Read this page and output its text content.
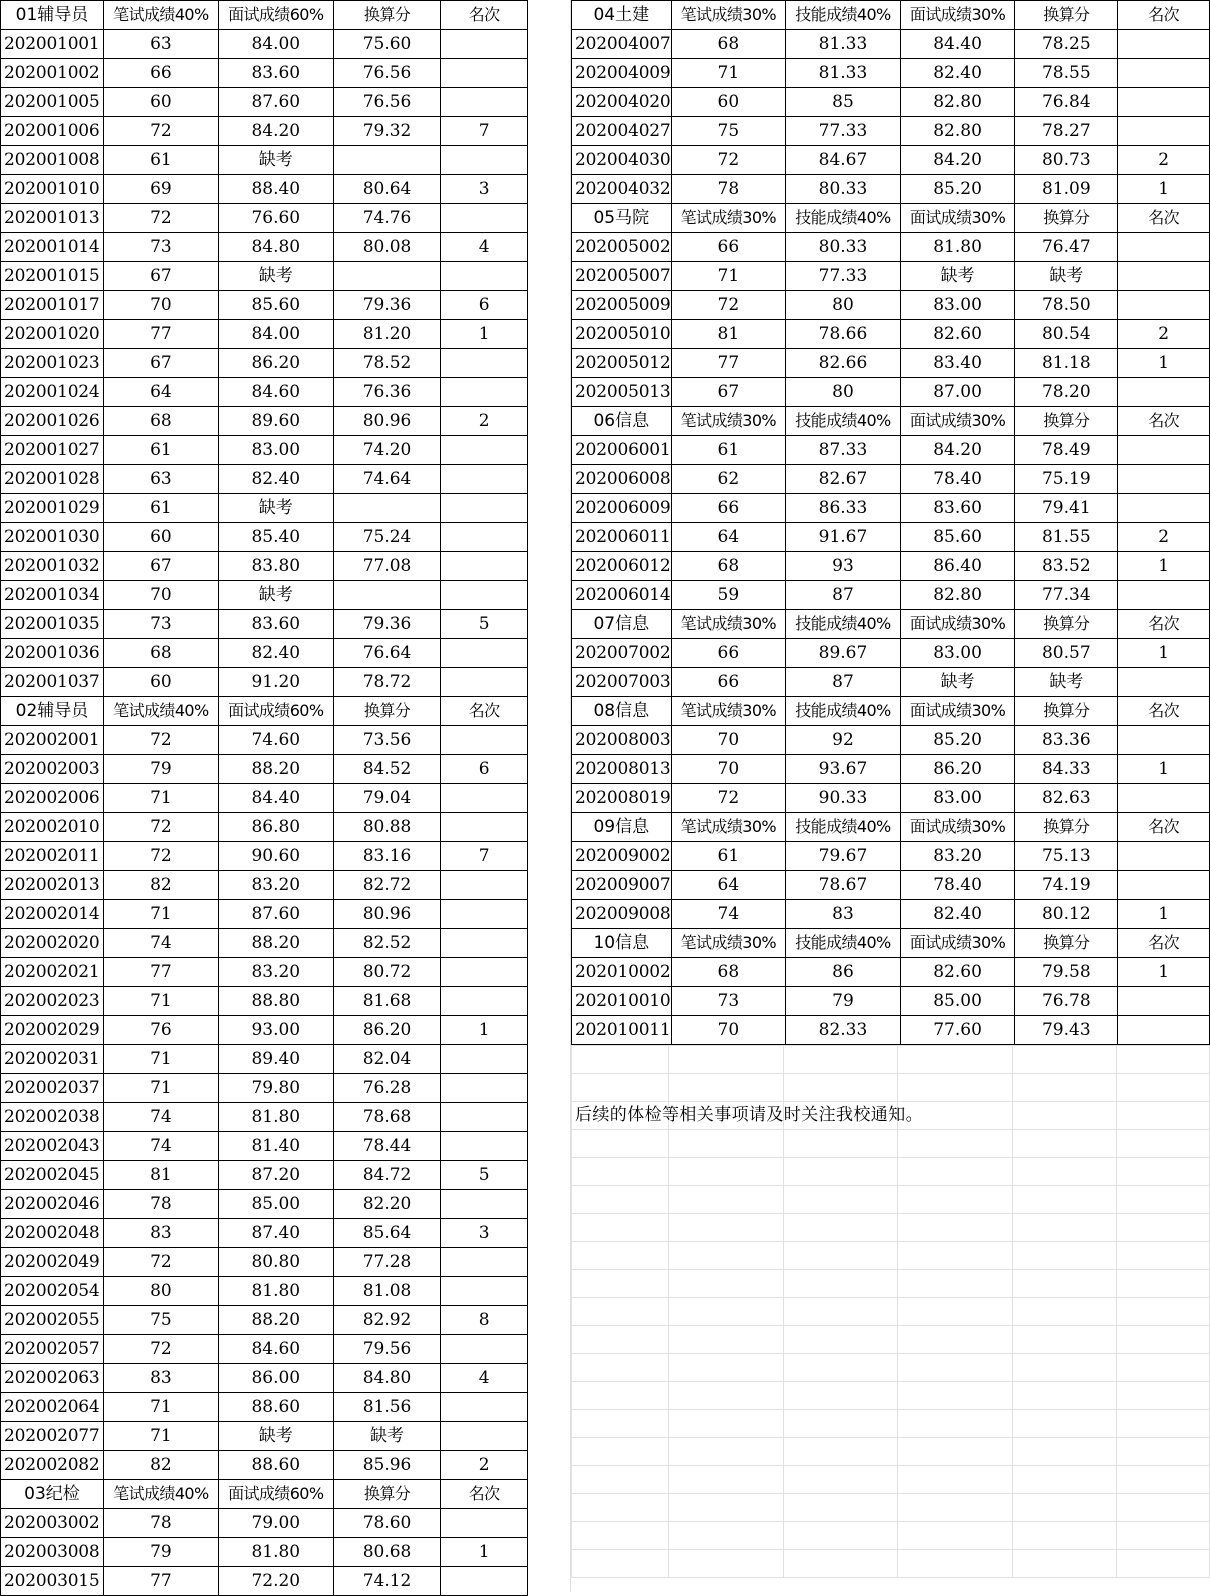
01辅导员	笔试成绩40%	面试成绩60%	换算分	名次
202001001	63	84.00	75.60	
202001002	66	83.60	76.56	
202001005	60	87.60	76.56	
202001006	72	84.20	79.32	7
202001008	61	缺考		
202001010	69	88.40	80.64	3
202001013	72	76.60	74.76	
202001014	73	84.80	80.08	4
202001015	67	缺考		
202001017	70	85.60	79.36	6
202001020	77	84.00	81.20	1
202001023	67	86.20	78.52	
202001024	64	84.60	76.36	
202001026	68	89.60	80.96	2
202001027	61	83.00	74.20	
202001028	63	82.40	74.64	
202001029	61	缺考		
202001030	60	85.40	75.24	
202001032	67	83.80	77.08	
202001034	70	缺考		
202001035	73	83.60	79.36	5
202001036	68	82.40	76.64	
202001037	60	91.20	78.72	
02辅导员	笔试成绩40%	面试成绩60%	换算分	名次
202002001	72	74.60	73.56	
202002003	79	88.20	84.52	6
202002006	71	84.40	79.04	
202002010	72	86.80	80.88	
202002011	72	90.60	83.16	7
202002013	82	83.20	82.72	
202002014	71	87.60	80.96	
202002020	74	88.20	82.52	
202002021	77	83.20	80.72	
202002023	71	88.80	81.68	
202002029	76	93.00	86.20	1
202002031	71	89.40	82.04	
202002037	71	79.80	76.28	
202002038	74	81.80	78.68	
202002043	74	81.40	78.44	
202002045	81	87.20	84.72	5
202002046	78	85.00	82.20	
202002048	83	87.40	85.64	3
202002049	72	80.80	77.28	
202002054	80	81.80	81.08	
202002055	75	88.20	82.92	8
202002057	72	84.60	79.56	
202002063	83	86.00	84.80	4
202002064	71	88.60	81.56	
202002077	71	缺考	缺考	
202002082	82	88.60	85.96	2
03纪检	笔试成绩40%	面试成绩60%	换算分	名次
202003002	78	79.00	78.60	
202003008	79	81.80	80.68	1
202003015	77	72.20	74.12	
04土建	笔试成绩30%	技能成绩40%	面试成绩30%	换算分	名次
202004007	68	81.33	84.40	78.25	
202004009	71	81.33	82.40	78.55	
202004020	60	85	82.80	76.84	
202004027	75	77.33	82.80	78.27	
202004030	72	84.67	84.20	80.73	2
202004032	78	80.33	85.20	81.09	1
05马院	笔试成绩30%	技能成绩40%	面试成绩30%	换算分	名次
202005002	66	80.33	81.80	76.47	
202005007	71	77.33	缺考	缺考	
202005009	72	80	83.00	78.50	
202005010	81	78.66	82.60	80.54	2
202005012	77	82.66	83.40	81.18	1
202005013	67	80	87.00	78.20	
06信息	笔试成绩30%	技能成绩40%	面试成绩30%	换算分	名次
202006001	61	87.33	84.20	78.49	
202006008	62	82.67	78.40	75.19	
202006009	66	86.33	83.60	79.41	
202006011	64	91.67	85.60	81.55	2
202006012	68	93	86.40	83.52	1
202006014	59	87	82.80	77.34	
07信息	笔试成绩30%	技能成绩40%	面试成绩30%	换算分	名次
202007002	66	89.67	83.00	80.57	1
202007003	66	87	缺考	缺考	
08信息	笔试成绩30%	技能成绩40%	面试成绩30%	换算分	名次
202008003	70	92	85.20	83.36	
202008013	70	93.67	86.20	84.33	1
202008019	72	90.33	83.00	82.63	
09信息	笔试成绩30%	技能成绩40%	面试成绩30%	换算分	名次
202009002	61	79.67	83.20	75.13	
202009007	64	78.67	78.40	74.19	
202009008	74	83	82.40	80.12	1
10信息	笔试成绩30%	技能成绩40%	面试成绩30%	换算分	名次
202010002	68	86	82.60	79.58	1
202010010	73	79	85.00	76.78	
202010011	70	82.33	77.60	79.43	

后续的体检等相关事项请及时关注我校通知。
